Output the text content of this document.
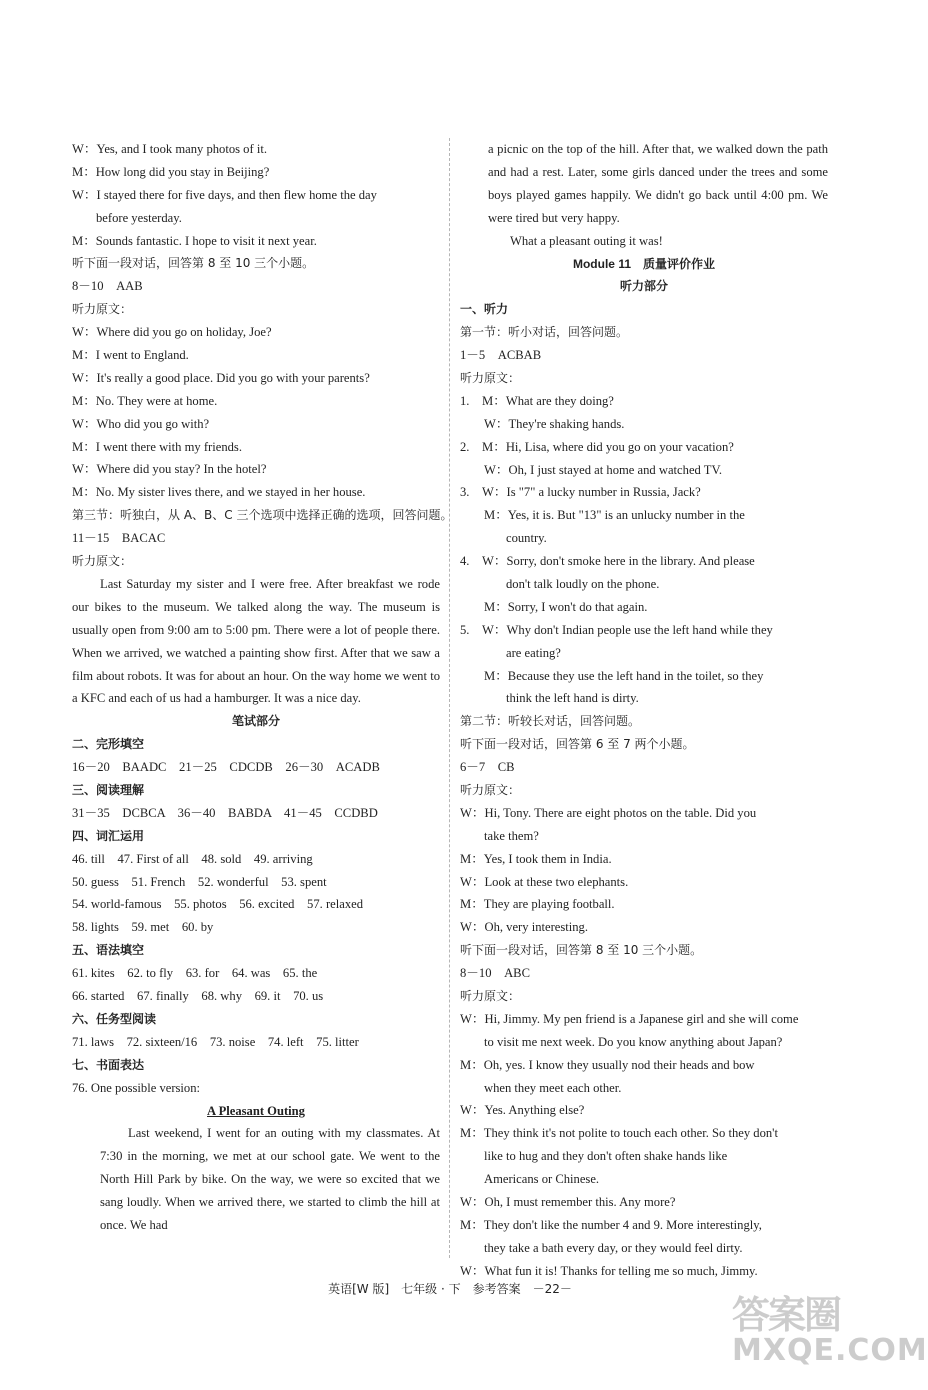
W：Yes, and I took many photos of it.
M：How long did you stay in Beijing?
W：I stayed there for five days, and then flew home the day
before yesterday.
M：Sounds fantastic. I hope to visit it next year.
听下面一段对话，回答第 8 至 10 三个小题。
8－10　AAB
听力原文：
W：Where did you go on holiday, Joe?
M：I went to England.
W：It's really a good place. Did you go with your parents?
M：No. They were at home.
W：Who did you go with?
M：I went there with my friends.
W：Where did you stay? In the hotel?
M：No. My sister lives there, and we stayed in her house.
第三节：听独白，从 A、B、C 三个选项中选择正确的选项，回答问题。
11－15　BACAC
听力原文：
Last Saturday my sister and I were free. After breakfast we rode our bikes to the museum. We talked along the way. The museum is usually open from 9:00 am to 5:00 pm. There were a lot of people there. When we arrived, we watched a painting show first. After that we saw a film about robots. It was for about an hour. On the way home we went to a KFC and each of us had a hamburger. It was a nice day.
笔试部分
二、完形填空
16－20　BAADC　21－25　CDCDB　26－30　ACADB
三、阅读理解
31－35　DCBCA　36－40　BABDA　41－45　CCDBD
四、词汇运用
46. till　47. First of all　48. sold　49. arriving
50. guess　51. French　52. wonderful　53. spent
54. world-famous　55. photos　56. excited　57. relaxed
58. lights　59. met　60. by
五、语法填空
61. kites　62. to fly　63. for　64. was　65. the
66. started　67. finally　68. why　69. it　70. us
六、任务型阅读
71. laws　72. sixteen/16　73. noise　74. left　75. litter
七、书面表达
76. One possible version:
A Pleasant Outing
Last weekend, I went for an outing with my classmates. At 7:30 in the morning, we met at our school gate. We went to the North Hill Park by bike. On the way, we were so excited that we sang loudly. When we arrived there, we started to climb the hill at once. We had
a picnic on the top of the hill. After that, we walked down the path and had a rest. Later, some girls danced under the trees and some boys played games happily. We didn't go back until 4:00 pm. We were tired but very happy.
What a pleasant outing it was!
Module 11　质量评价作业
听力部分
一、听力
第一节：听小对话，回答问题。
1－5　ACBAB
听力原文：
1.　M：What are they doing?
W：They're shaking hands.
2.　M：Hi, Lisa, where did you go on your vacation?
W：Oh, I just stayed at home and watched TV.
3.　W：Is "7" a lucky number in Russia, Jack?
M：Yes, it is. But "13" is an unlucky number in the
country.
4.　W：Sorry, don't smoke here in the library. And please
don't talk loudly on the phone.
M：Sorry, I won't do that again.
5.　W：Why don't Indian people use the left hand while they
are eating?
M：Because they use the left hand in the toilet, so they
think the left hand is dirty.
第二节：听较长对话，回答问题。
听下面一段对话，回答第 6 至 7 两个小题。
6－7　CB
听力原文：
W：Hi, Tony. There are eight photos on the table. Did you
take them?
M：Yes, I took them in India.
W：Look at these two elephants.
M：They are playing football.
W：Oh, very interesting.
听下面一段对话，回答第 8 至 10 三个小题。
8－10　ABC
听力原文：
W：Hi, Jimmy. My pen friend is a Japanese girl and she will come
to visit me next week. Do you know anything about Japan?
M：Oh, yes. I know they usually nod their heads and bow
when they meet each other.
W：Yes. Anything else?
M：They think it's not polite to touch each other. So they don't
like to hug and they don't often shake hands like
Americans or Chinese.
W：Oh, I must remember this. Any more?
M：They don't like the number 4 and 9. More interestingly,
they take a bath every day, or they would feel dirty.
W：What fun it is! Thanks for telling me so much, Jimmy.
英语[W 版]　七年级 · 下　参考答案　－22－
答案圈
MXQE.COM
